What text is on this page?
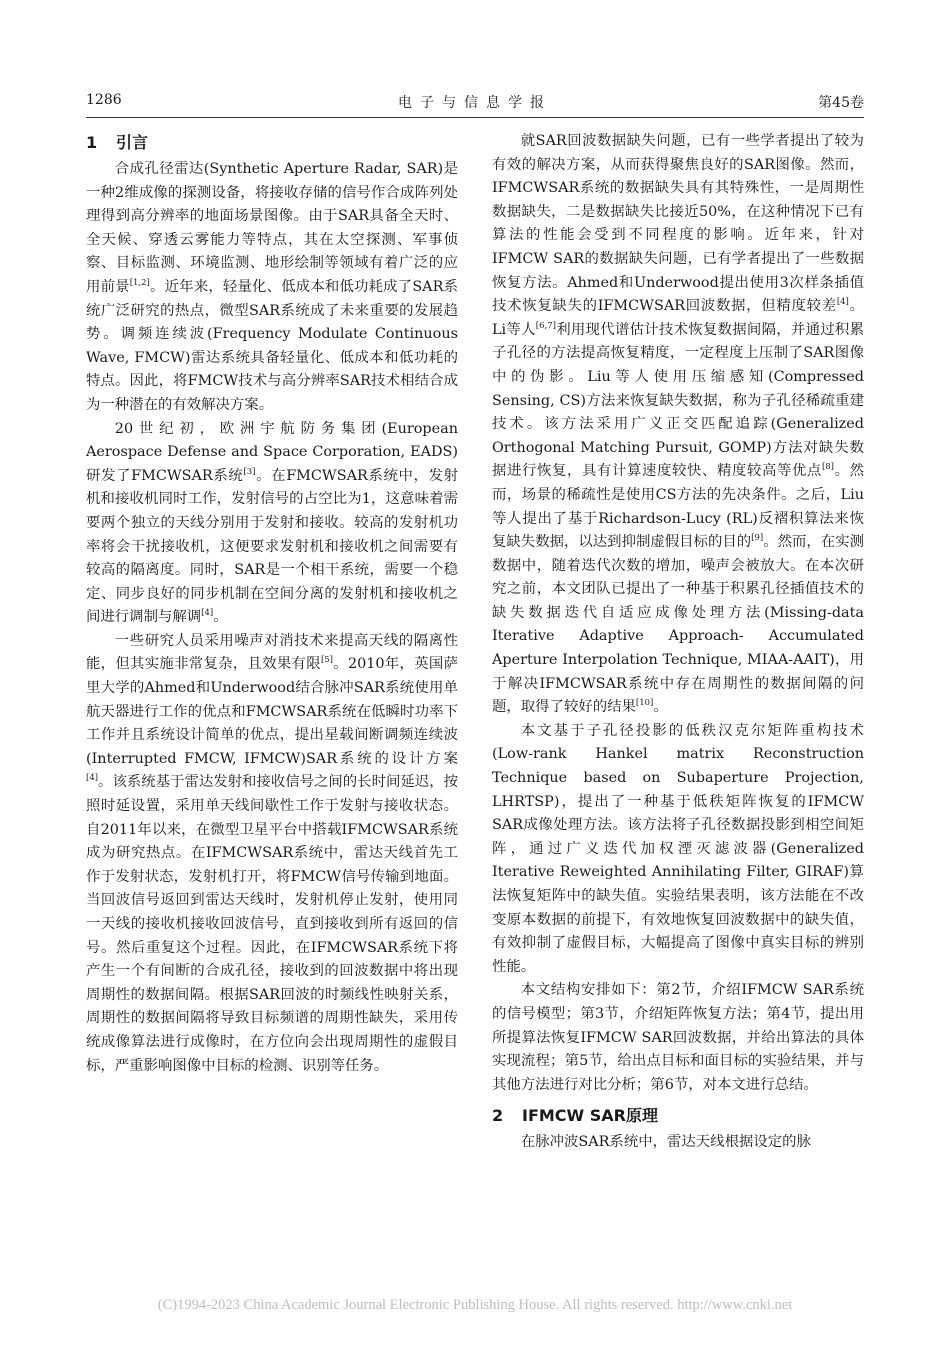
1286	电子与信息学报	第45卷
1 引言

合成孔径雷达(Synthetic Aperture Radar, SAR)是一种2维成像的探测设备，将接收存储的信号作合成阵列处理得到高分辨率的地面场景图像。由于SAR具备全天时、全天候、穿透云雾能力等特点，其在太空探测、军事侦察、目标监测、环境监测、地形绘制等领域有着广泛的应用前景[1,2]。近年来，轻量化、低成本和低功耗成了SAR系统广泛研究的热点，微型SAR系统成了未来重要的发展趋势。调频连续波(Frequency Modulate Continuous Wave, FMCW)雷达系统具备轻量化、低成本和低功耗的特点。因此，将FMCW技术与高分辨率SAR技术相结合成为一种潜在的有效解决方案。

20世纪初，欧洲宇航防务集团(European Aerospace Defense and Space Corporation, EADS)研发了FMCWSAR系统[3]。在FMCWSAR系统中，发射机和接收机同时工作，发射信号的占空比为1，这意味着需要两个独立的天线分别用于发射和接收。较高的发射机功率将会干扰接收机，这便要求发射机和接收机之间需要有较高的隔离度。同时，SAR是一个相干系统，需要一个稳定、同步良好的同步机制在空间分离的发射机和接收机之间进行调制与解调[4]。

一些研究人员采用噪声对消技术来提高天线的隔离性能，但其实施非常复杂，且效果有限[5]。2010年，英国萨里大学的Ahmed和Underwood结合脉冲SAR系统使用单航天器进行工作的优点和FMCWSAR系统在低瞬时功率下工作并且系统设计简单的优点，提出星载间断调频连续波(Interrupted FMCW, IFMCW)SAR系统的设计方案[4]。该系统基于雷达发射和接收信号之间的长时间延迟，按照时延设置，采用单天线间歇性工作于发射与接收状态。自2011年以来，在微型卫星平台中搭载IFMCWSAR系统成为研究热点。在IFMCWSAR系统中，雷达天线首先工作于发射状态，发射机打开，将FMCW信号传输到地面。当回波信号返回到雷达天线时，发射机停止发射，使用同一天线的接收机接收回波信号，直到接收到所有返回的信号。然后重复这个过程。因此，在IFMCWSAR系统下将产生一个有间断的合成孔径，接收到的回波数据中将出现周期性的数据间隔。根据SAR回波的时频线性映射关系，周期性的数据间隔将导致目标频谱的周期性缺失，采用传统成像算法进行成像时，在方位向会出现周期性的虚假目标，严重影响图像中目标的检测、识别等任务。

就SAR回波数据缺失问题，已有一些学者提出了较为有效的解决方案，从而获得聚焦良好的SAR图像。然而，IFMCWSAR系统的数据缺失具有其特殊性，一是周期性数据缺失，二是数据缺失比接近50%，在这种情况下已有算法的性能会受到不同程度的影响。近年来，针对IFMCW SAR的数据缺失问题，已有学者提出了一些数据恢复方法。Ahmed和Underwood提出使用3次样条插值技术恢复缺失的IFMCWSAR回波数据，但精度较差[4]。Li等人[6,7]利用现代谱估计技术恢复数据间隔，并通过积累子孔径的方法提高恢复精度，一定程度上压制了SAR图像中的伪影。Liu等人使用压缩感知(Compressed Sensing, CS)方法来恢复缺失数据，称为子孔径稀疏重建技术。该方法采用广义正交匹配追踪(Generalized Orthogonal Matching Pursuit, GOMP)方法对缺失数据进行恢复，具有计算速度较快、精度较高等优点[8]。然而，场景的稀疏性是使用CS方法的先决条件。之后，Liu等人提出了基于Richardson-Lucy (RL)反褶积算法来恢复缺失数据，以达到抑制虚假目标的目的[9]。然而，在实测数据中，随着迭代次数的增加，噪声会被放大。在本次研究之前，本文团队已提出了一种基于积累孔径插值技术的缺失数据迭代自适应成像处理方法(Missing-data Iterative Adaptive Approach- Accumulated Aperture Interpolation Technique, MIAA-AAIT)，用于解决IFMCWSAR系统中存在周期性的数据间隔的问题，取得了较好的结果[10]。

本文基于子孔径投影的低秩汉克尔矩阵重构技术(Low-rank Hankel matrix Reconstruction Technique based on Subaperture Projection, LHRTSP)，提出了一种基于低秩矩阵恢复的IFMCW SAR成像处理方法。该方法将子孔径数据投影到相空间矩阵，通过广义迭代加权湮灭滤波器(Generalized Iterative Reweighted Annihilating Filter, GIRAF)算法恢复矩阵中的缺失值。实验结果表明，该方法能在不改变原本数据的前提下，有效地恢复回波数据中的缺失值，有效抑制了虚假目标，大幅提高了图像中真实目标的辨别性能。

本文结构安排如下：第2节，介绍IFMCW SAR系统的信号模型；第3节，介绍矩阵恢复方法；第4节，提出用所提算法恢复IFMCW SAR回波数据，并给出算法的具体实现流程；第5节，给出点目标和面目标的实验结果，并与其他方法进行对比分析；第6节，对本文进行总结。

2 IFMCW SAR原理

在脉冲波SAR系统中，雷达天线根据设定的脉

(C)1994-2023 China Academic Journal Electronic Publishing House. All rights reserved. http://www.cnki.net
